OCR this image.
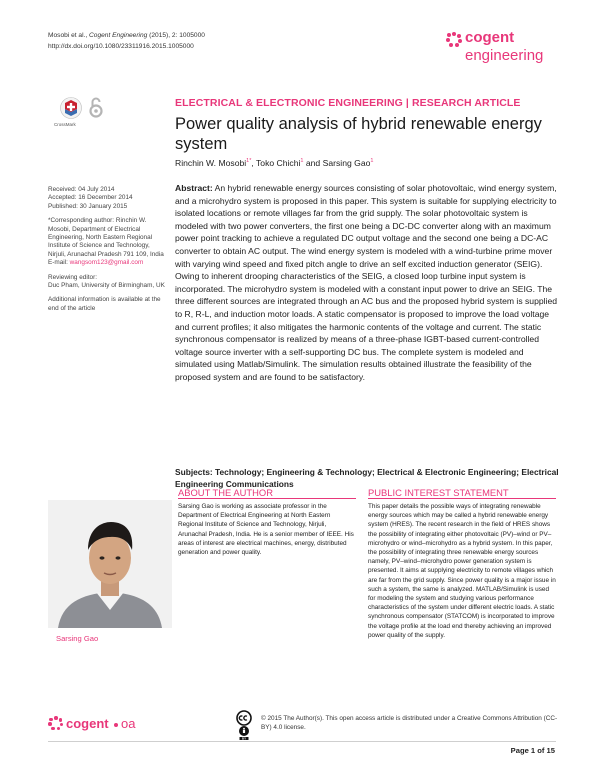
Mosobi et al., Cogent Engineering (2015), 2: 1005000
http://dx.doi.org/10.1080/23311916.2015.1005000
cogent
engineering
CrossMark
ELECTRICAL & ELECTRONIC ENGINEERING | RESEARCH ARTICLE
Power quality analysis of hybrid renewable energy system
Rinchin W. Mosobi$^{1*}$, Toko Chichi$^1$ and Sarsing Gao$^1$

Received: 04 July 2014
Accepted: 16 December 2014
Published: 30 January 2015

*Corresponding author: Rinchin W. Mosobi, Department of Electrical Engineering, North Eastern Regional Institute of Science and Technology, Nirjuli, Arunachal Pradesh 791 109, India
E-mail: wangsom123@gmail.com

Reviewing editor:
Duc Pham, University of Birmingham, UK

Additional information is available at the end of the article

Abstract: An hybrid renewable energy sources consisting of solar photovoltaic, wind energy system, and a microhydro system is proposed in this paper. This system is suitable for supplying electricity to isolated locations or remote villages far from the grid supply. The solar photovoltaic system is modeled with two power converters, the first one being a DC-DC converter along with an maximum power point tracking to achieve a regulated DC output voltage and the second one being a DC-AC converter to obtain AC output. The wind energy system is modeled with a wind-turbine prime mover with varying wind speed and fixed pitch angle to drive an self excited induction generator (SEIG). Owing to inherent drooping characteristics of the SEIG, a closed loop turbine input system is incorporated. The microhydro system is modeled with a constant input power to drive an SEIG. The three different sources are integrated through an AC bus and the proposed hybrid system is supplied to R, R-L, and induction motor loads. A static compensator is proposed to improve the load voltage and current profiles; it also mitigates the harmonic contents of the voltage and current. The static synchronous compensator is realized by means of a three-phase IGBT-based current-controlled voltage source inverter with a self-supporting DC bus. The complete system is modeled and simulated using Matlab/Simulink. The simulation results obtained illustrate the feasibility of the proposed system and are found to be satisfactory.
Subjects: Technology; Engineering & Technology; Electrical & Electronic Engineering; Electrical Engineering Communications
ABOUT THE AUTHOR
Sarsing Gao
Sarsing Gao is working as associate professor in the Department of Electrical Engineering at North Eastern Regional Institute of Science and Technology, Nirjuli, Arunachal Pradesh, India. He is a senior member of IEEE. His areas of interest are electrical machines, energy, distributed generation and power quality.
PUBLIC INTEREST STATEMENT
This paper details the possible ways of integrating renewable energy sources which may be called a hybrid renewable energy system (HRES). The recent research in the field of HRES shows the possibility of integrating either photovoltaic (PV)–wind or PV–microhydro or wind–microhydro as a hybrid system. In this paper, the possibility of integrating three renewable energy sources namely, PV–wind–microhydro power generation system is presented. It aims at supplying electricity to remote villages which are far from the grid supply. Since power quality is a major issue in such a system, the same is analyzed. MATLAB/Simulink is used for modeling the system and studying various performance characteristics of the system under different electric loads. A static synchronous compensator (STATCOM) is incorporated to improve the voltage profile at the load end thereby achieving an improved power quality of the supply.
cogent oa
BY
© 2015 The Author(s). This open access article is distributed under a Creative Commons Attribution (CC-BY) 4.0 license.
Page 1 of 15
